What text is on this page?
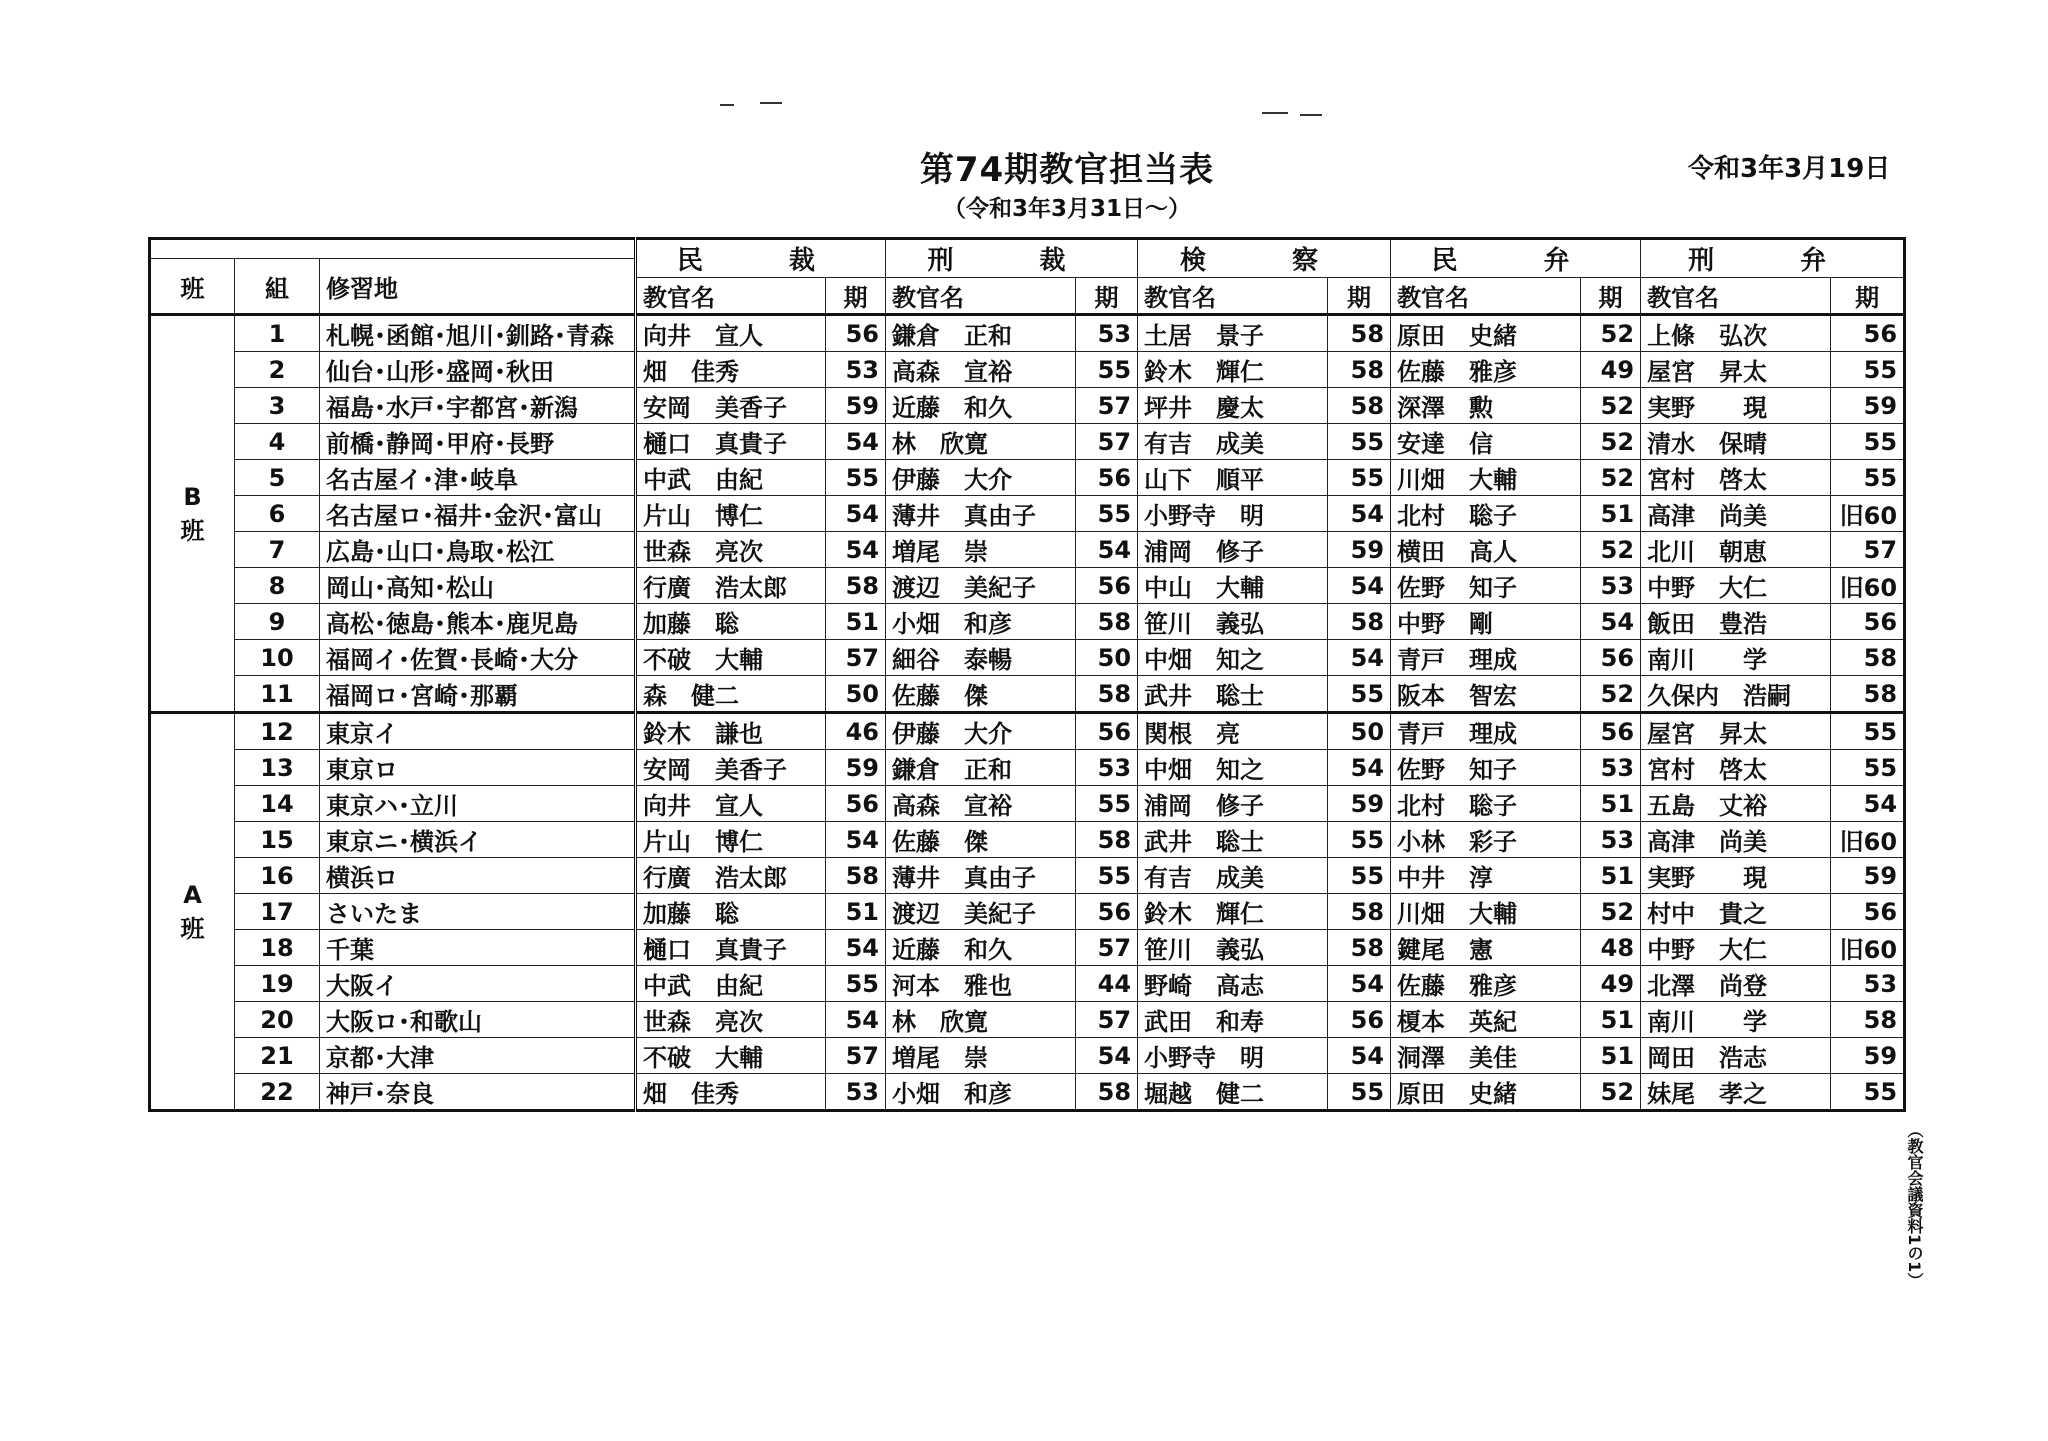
第74期教官担当表
（令和3年3月31日～）
令和3年3月19日
（教官会議資料1の1）
			民　裁		刑　裁		検　察		民　弁		刑　弁	
班	組	修習地										
			教官名	期	教官名	期	教官名	期	教官名	期	教官名	期

B
班	1	札幌･函館･旭川･釧路･青森	向井　宣人	56	鎌倉　正和	53	土居　景子	58	原田　史緒	52	上條　弘次	56
	2	仙台･山形･盛岡･秋田	畑　佳秀	53	高森　宣裕	55	鈴木　輝仁	58	佐藤　雅彦	49	屋宮　昇太	55
	3	福島･水戸･宇都宮･新潟	安岡　美香子	59	近藤　和久	57	坪井　慶太	58	深澤　勲	52	実野　　現	59
	4	前橋･静岡･甲府･長野	樋口　真貴子	54	林　欣寛	57	有吉　成美	55	安達　信	52	清水　保晴	55
	5	名古屋イ･津･岐阜	中武　由紀	55	伊藤　大介	56	山下　順平	55	川畑　大輔	52	宮村　啓太	55
	6	名古屋ロ･福井･金沢･富山	片山　博仁	54	薄井　真由子	55	小野寺　明	54	北村　聡子	51	高津　尚美	旧60
	7	広島･山口･鳥取･松江	世森　亮次	54	増尾　崇	54	浦岡　修子	59	横田　高人	52	北川　朝恵	57
	8	岡山･高知･松山	行廣　浩太郎	58	渡辺　美紀子	56	中山　大輔	54	佐野　知子	53	中野　大仁	旧60
	9	高松･徳島･熊本･鹿児島	加藤　聡	51	小畑　和彦	58	笹川　義弘	58	中野　剛	54	飯田　豊浩	56
	10	福岡イ･佐賀･長崎･大分	不破　大輔	57	細谷　泰暢	50	中畑　知之	54	青戸　理成	56	南川　　学	58
	11	福岡ロ･宮崎･那覇	森　健二	50	佐藤　傑	58	武井　聡士	55	阪本　智宏	52	久保内　浩嗣	58

A
班	12	東京イ	鈴木　謙也	46	伊藤　大介	56	関根　亮	50	青戸　理成	56	屋宮　昇太	55
	13	東京ロ	安岡　美香子	59	鎌倉　正和	53	中畑　知之	54	佐野　知子	53	宮村　啓太	55
	14	東京ハ･立川	向井　宣人	56	高森　宣裕	55	浦岡　修子	59	北村　聡子	51	五島　丈裕	54
	15	東京ニ･横浜イ	片山　博仁	54	佐藤　傑	58	武井　聡士	55	小林　彩子	53	高津　尚美	旧60
	16	横浜ロ	行廣　浩太郎	58	薄井　真由子	55	有吉　成美	55	中井　淳	51	実野　　現	59
	17	さいたま	加藤　聡	51	渡辺　美紀子	56	鈴木　輝仁	58	川畑　大輔	52	村中　貴之	56
	18	千葉	樋口　真貴子	54	近藤　和久	57	笹川　義弘	58	鍵尾　憲	48	中野　大仁	旧60
	19	大阪イ	中武　由紀	55	河本　雅也	44	野崎　高志	54	佐藤　雅彦	49	北澤　尚登	53
	20	大阪ロ･和歌山	世森　亮次	54	林　欣寛	57	武田　和寿	56	榎本　英紀	51	南川　　学	58
	21	京都･大津	不破　大輔	57	増尾　崇	54	小野寺　明	54	洞澤　美佳	51	岡田　浩志	59
	22	神戸･奈良	畑　佳秀	53	小畑　和彦	58	堀越　健二	55	原田　史緒	52	妹尾　孝之	55
